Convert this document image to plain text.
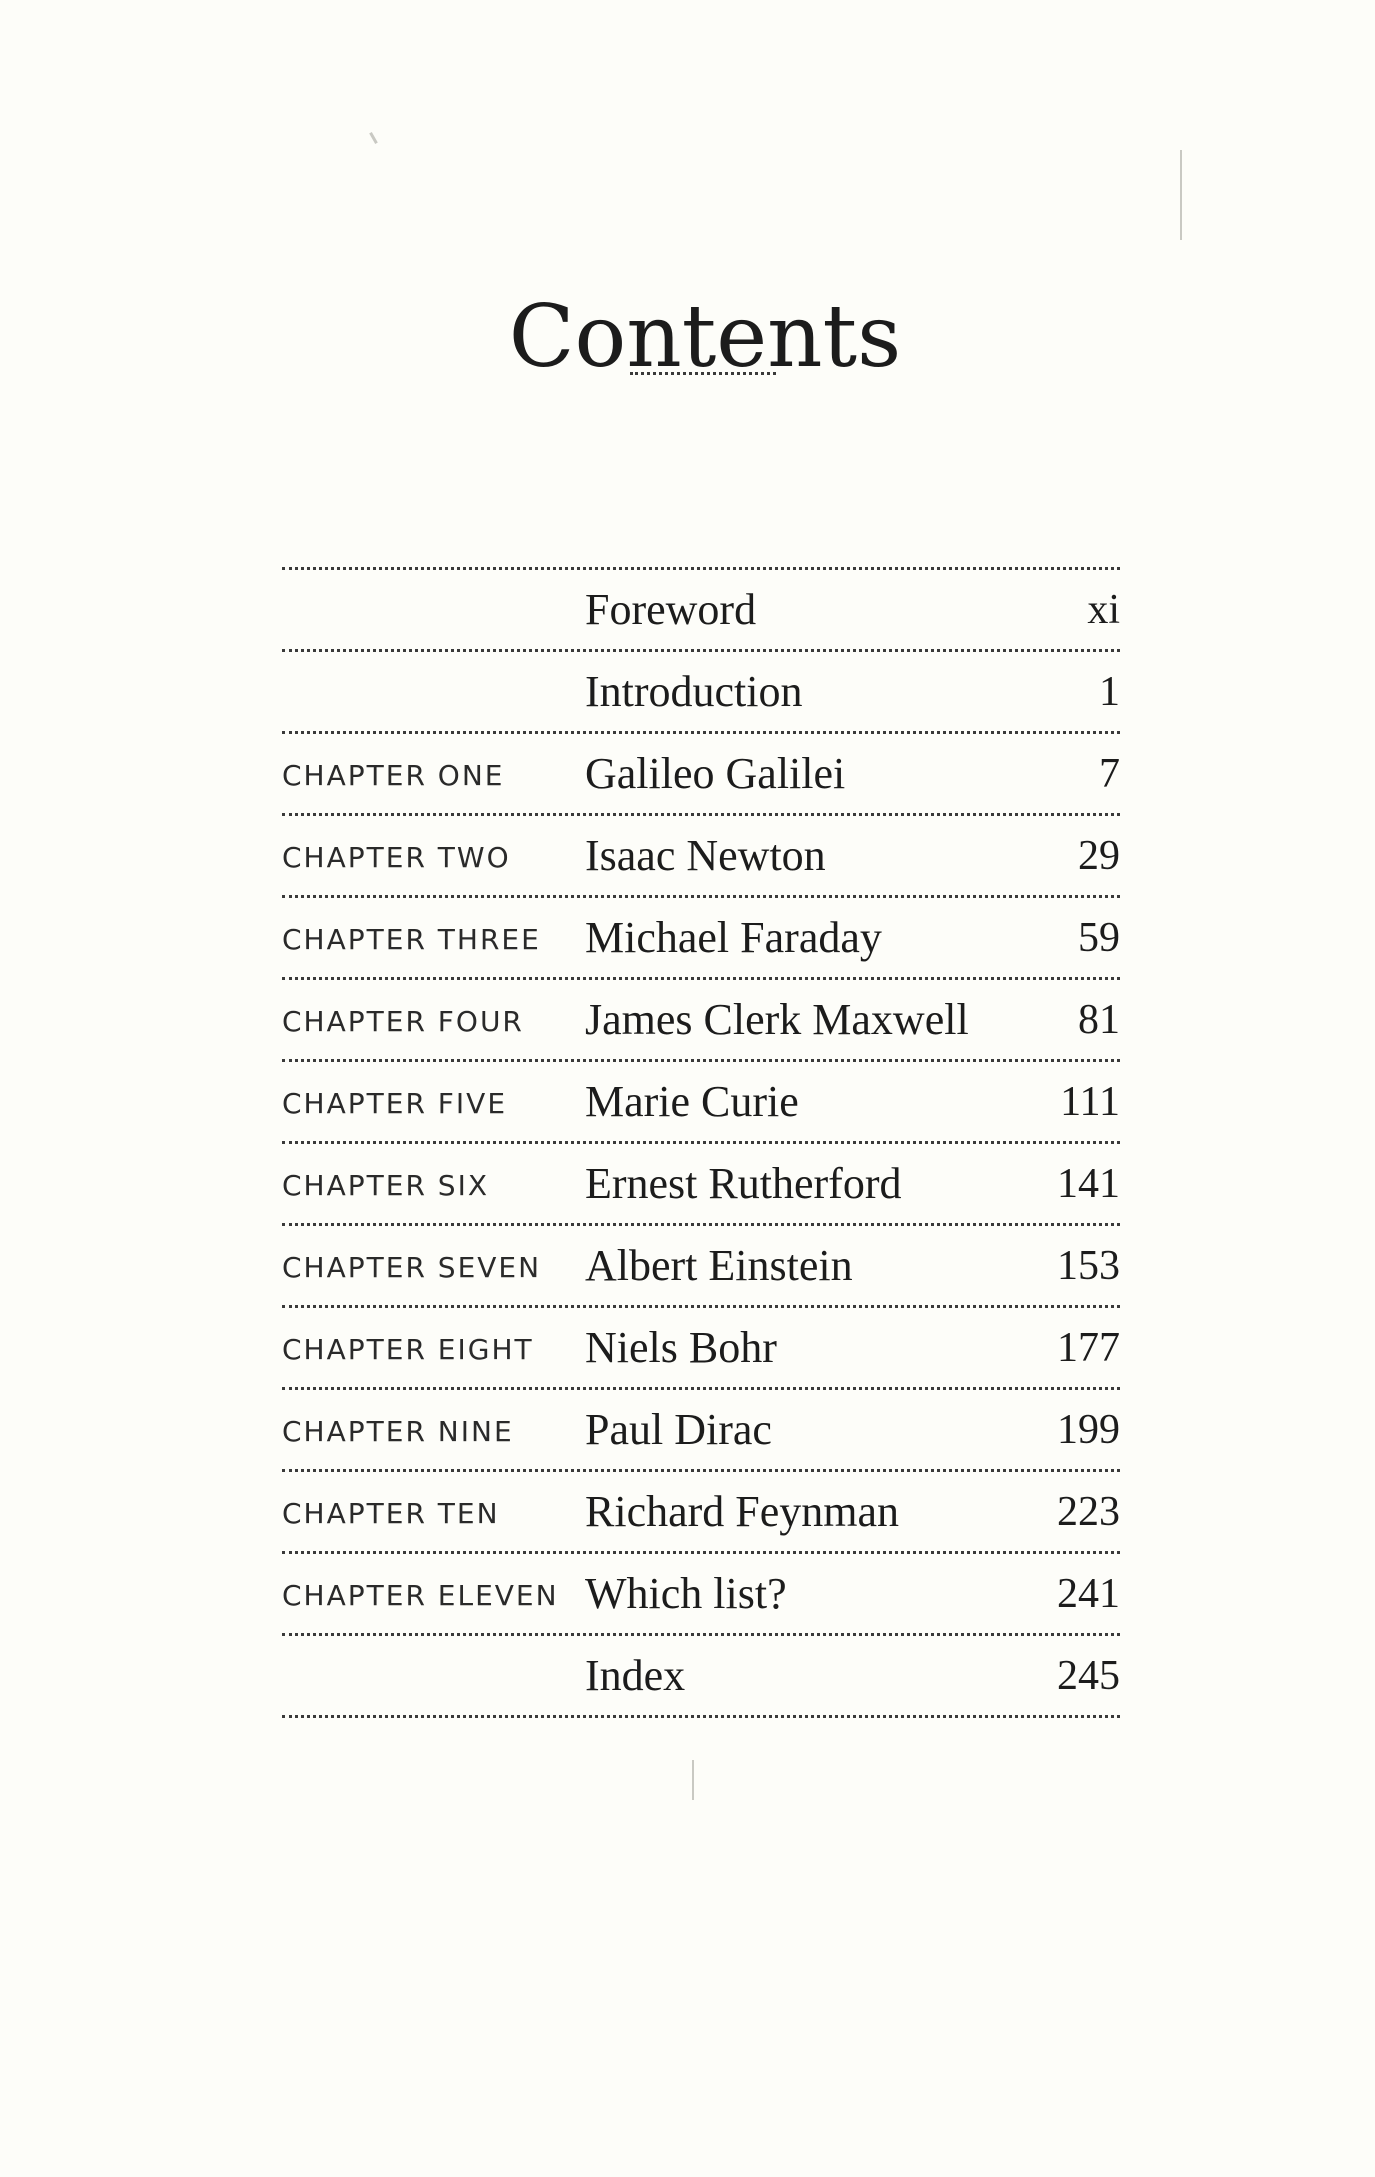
Contents
Foreword	xi
Introduction	1
CHAPTER ONE Galileo Galilei	7
CHAPTER TWO Isaac Newton	29
CHAPTER THREE Michael Faraday	59
CHAPTER FOUR James Clerk Maxwell	81
CHAPTER FIVE Marie Curie	111
CHAPTER SIX Ernest Rutherford	141
CHAPTER SEVEN Albert Einstein	153
CHAPTER EIGHT Niels Bohr	177
CHAPTER NINE Paul Dirac	199
CHAPTER TEN Richard Feynman	223
CHAPTER ELEVEN Which list?	241
Index	245
